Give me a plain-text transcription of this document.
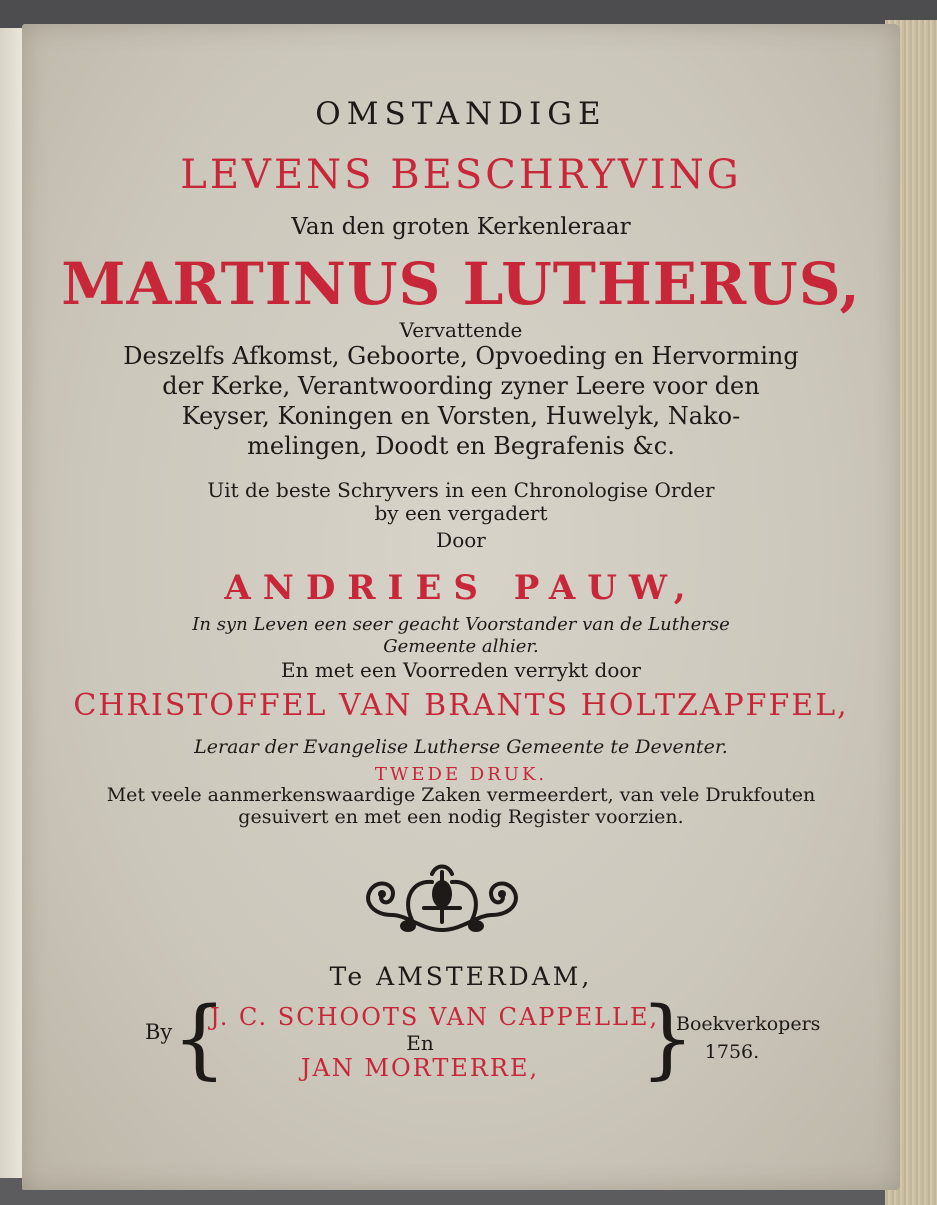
OMSTANDIGE
LEVENS BESCHRYVING
Van den groten Kerkenleraar
MARTINUS LUTHERUS,
Vervattende
Deszelfs Afkomst, Geboorte, Opvoeding en Hervorming
der Kerke, Verantwoording zyner Leere voor den
Keyser, Koningen en Vorsten, Huwelyk, Nako-
melingen, Doodt en Begrafenis &c.
Uit de beste Schryvers in een Chronologise Order
by een vergadert
Door
ANDRIES PAUW,
In syn Leven een seer geacht Voorstander van de Lutherse
Gemeente alhier.
En met een Voorreden verrykt door
CHRISTOFFEL VAN BRANTS HOLTZAPFFEL,
Leraar der Evangelise Lutherse Gemeente te Deventer.
TWEDE DRUK.
Met veele aanmerkenswaardige Zaken vermeerdert, van vele Drukfouten
gesuivert en met een nodig Register voorzien.
Te AMSTERDAM,
By {
J. C. SCHOOTS VAN CAPPELLE,
En
JAN MORTERRE,	}
Boekverkopers
1756.
